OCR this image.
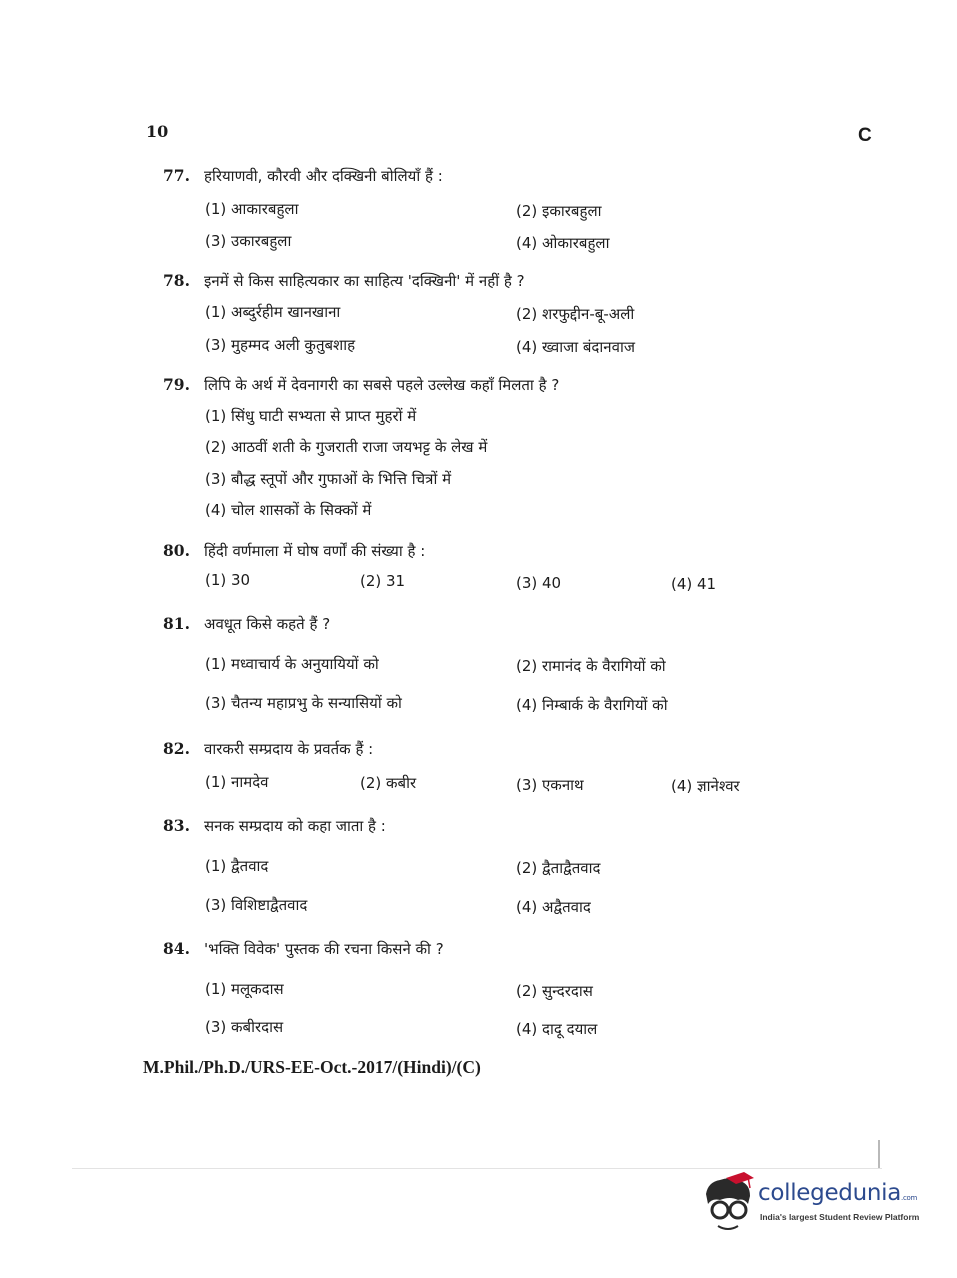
10	C
77. हरियाणवी, कौरवी और दक्खिनी बोलियाँ हैं :
(1) आकारबहुला	(2) इकारबहुला
(3) उकारबहुला	(4) ओकारबहुला
78. इनमें से किस साहित्यकार का साहित्य 'दक्खिनी' में नहीं है ?
(1) अब्दुर्रहीम खानखाना	(2) शरफुद्दीन-बू-अली
(3) मुहम्मद अली कुतुबशाह	(4) ख्वाजा बंदानवाज
79. लिपि के अर्थ में देवनागरी का सबसे पहले उल्लेख कहाँ मिलता है ?
(1) सिंधु घाटी सभ्यता से प्राप्त मुहरों में
(2) आठवीं शती के गुजराती राजा जयभट्ट के लेख में
(3) बौद्ध स्तूपों और गुफाओं के भित्ति चित्रों में
(4) चोल शासकों के सिक्कों में
80. हिंदी वर्णमाला में घोष वर्णों की संख्या है :
(1) 30	(2) 31	(3) 40	(4) 41
81. अवधूत किसे कहते हैं ?
(1) मध्वाचार्य के अनुयायियों को	(2) रामानंद के वैरागियों को
(3) चैतन्य महाप्रभु के सन्यासियों को	(4) निम्बार्क के वैरागियों को
82. वारकरी सम्प्रदाय के प्रवर्तक हैं :
(1) नामदेव	(2) कबीर	(3) एकनाथ	(4) ज्ञानेश्वर
83. सनक सम्प्रदाय को कहा जाता है :
(1) द्वैतवाद	(2) द्वैताद्वैतवाद
(3) विशिष्टाद्वैतवाद	(4) अद्वैतवाद
84. 'भक्ति विवेक' पुस्तक की रचना किसने की ?
(1) मलूकदास	(2) सुन्दरदास
(3) कबीरदास	(4) दादू दयाल
M.Phil./Ph.D./URS-EE-Oct.-2017/(Hindi)/(C)
collegedunia.com
India's largest Student Review Platform
